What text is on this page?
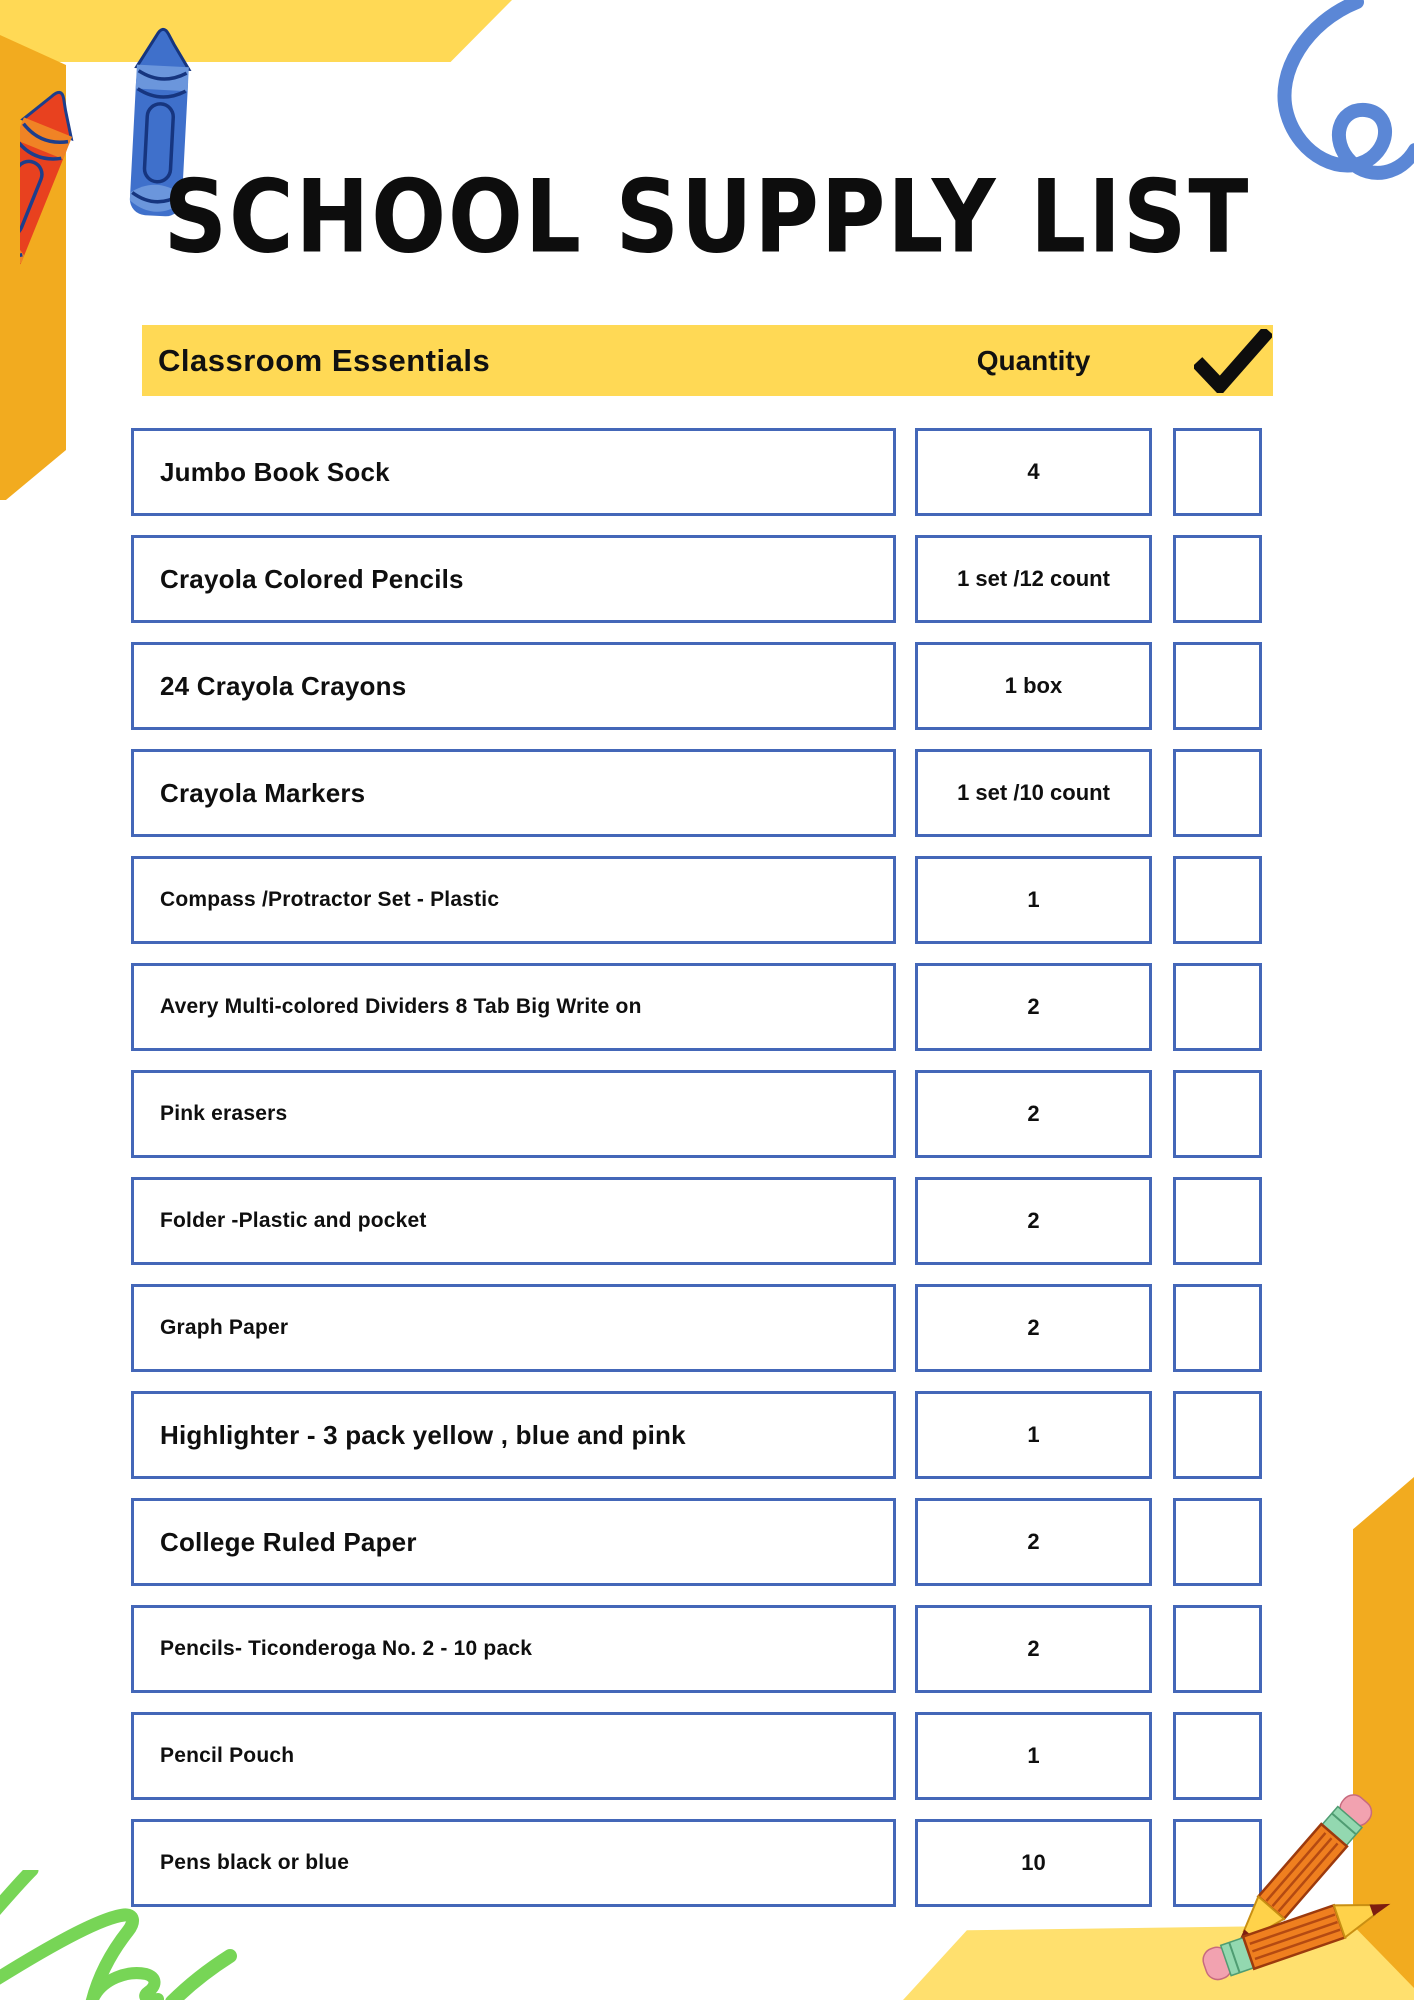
SCHOOL SUPPLY LIST
Classroom Essentials	Quantity
Jumbo Book Sock	4
Crayola Colored Pencils	1 set /12 count
24 Crayola Crayons	1 box
Crayola Markers	1 set /10 count
Compass /Protractor Set - Plastic	1
Avery Multi-colored Dividers 8 Tab Big Write on	2
Pink erasers	2
Folder -Plastic and pocket	2
Graph Paper	2
Highlighter - 3 pack yellow , blue and pink	1
College Ruled Paper	2
Pencils- Ticonderoga No. 2 - 10 pack	2
Pencil Pouch	1
Pens black or blue	10
